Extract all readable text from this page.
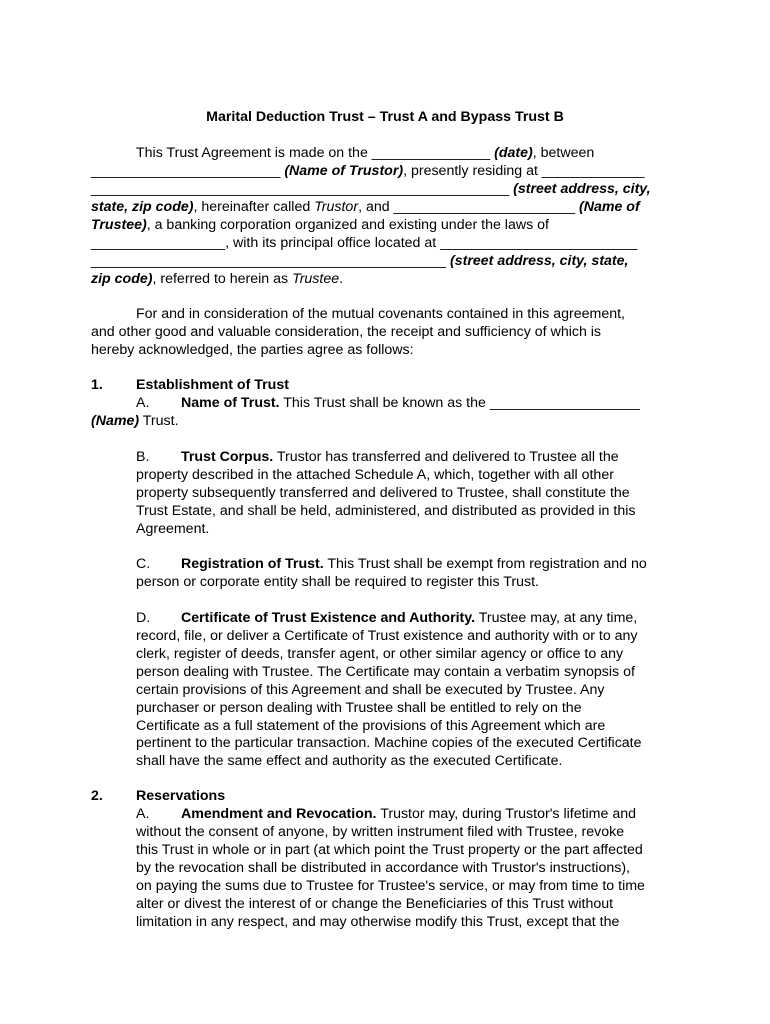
Marital Deduction Trust – Trust A and Bypass Trust B
This Trust Agreement is made on the _______________ (date), between
________________________ (Name of Trustor), presently residing at _____________
_____________________________________________________ (street address, city,
state, zip code), hereinafter called Trustor, and _______________________ (Name of
Trustee), a banking corporation organized and existing under the laws of
_________________, with its principal office located at _________________________
_____________________________________________ (street address, city, state,
zip code), referred to herein as Trustee.
For and in consideration of the mutual covenants contained in this agreement,
and other good and valuable consideration, the receipt and sufficiency of which is
hereby acknowledged, the parties agree as follows:
1. Establishment of Trust
A. Name of Trust. This Trust shall be known as the ___________________
(Name) Trust.
B. Trust Corpus. Trustor has transferred and delivered to Trustee all the
property described in the attached Schedule A, which, together with all other
property subsequently transferred and delivered to Trustee, shall constitute the
Trust Estate, and shall be held, administered, and distributed as provided in this
Agreement.
C. Registration of Trust. This Trust shall be exempt from registration and no
person or corporate entity shall be required to register this Trust.
D. Certificate of Trust Existence and Authority. Trustee may, at any time,
record, file, or deliver a Certificate of Trust existence and authority with or to any
clerk, register of deeds, transfer agent, or other similar agency or office to any
person dealing with Trustee. The Certificate may contain a verbatim synopsis of
certain provisions of this Agreement and shall be executed by Trustee. Any
purchaser or person dealing with Trustee shall be entitled to rely on the
Certificate as a full statement of the provisions of this Agreement which are
pertinent to the particular transaction. Machine copies of the executed Certificate
shall have the same effect and authority as the executed Certificate.
2. Reservations
A. Amendment and Revocation. Trustor may, during Trustor's lifetime and
without the consent of anyone, by written instrument filed with Trustee, revoke
this Trust in whole or in part (at which point the Trust property or the part affected
by the revocation shall be distributed in accordance with Trustor's instructions),
on paying the sums due to Trustee for Trustee's service, or may from time to time
alter or divest the interest of or change the Beneficiaries of this Trust without
limitation in any respect, and may otherwise modify this Trust, except that the
